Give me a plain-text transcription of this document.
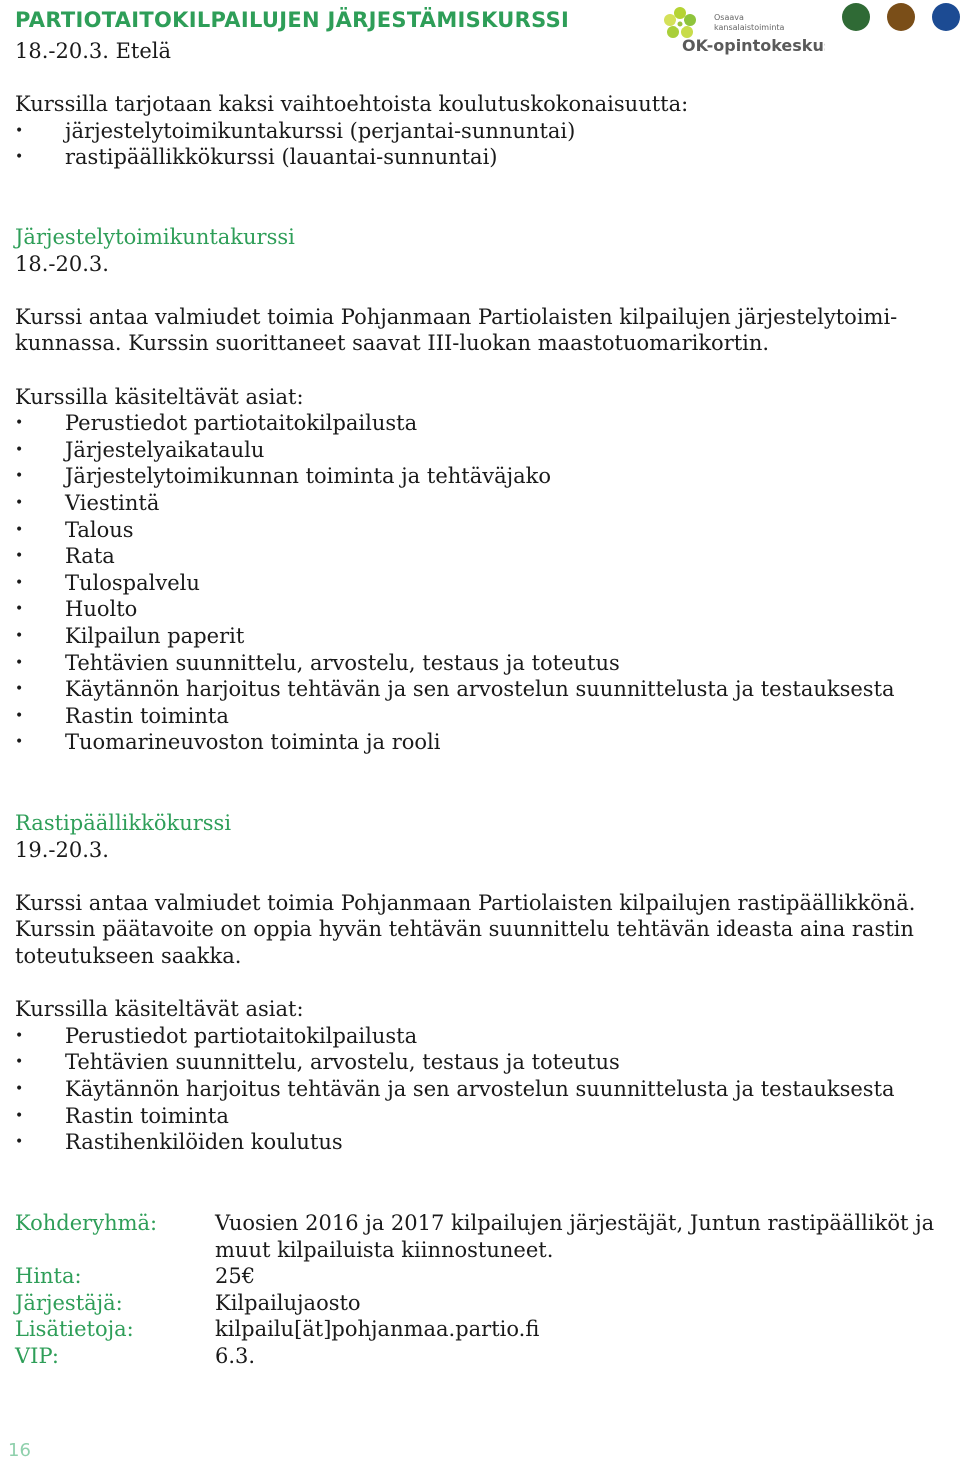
PARTIOTAITOKILPAILUJEN JÄRJESTÄMISKURSSI
18.-20.3. Etelä
Osaava
kansalaistoiminta
OK-opintokeskus

Kurssilla tarjotaan kaksi vaihtoehtoista koulutuskokonaisuutta:

• järjestelytoimikuntakurssi (perjantai-sunnuntai)
• rastipäällikkökurssi (lauantai-sunnuntai)

Järjestelytoimikuntakurssi

18.-20.3.

Kurssi antaa valmiudet toimia Pohjanmaan Partiolaisten kilpailujen järjestelytoimi-kunnassa. Kurssin suorittaneet saavat III-luokan maastotuomarikortin.

Kurssilla käsiteltävät asiat:

• Perustiedot partiotaitokilpailusta
• Järjestelyaikataulu
• Järjestelytoimikunnan toiminta ja tehtäväjako
• Viestintä
• Talous
• Rata
• Tulospalvelu
• Huolto
• Kilpailun paperit
• Tehtävien suunnittelu, arvostelu, testaus ja toteutus
• Käytännön harjoitus tehtävän ja sen arvostelun suunnittelusta ja testauksesta
• Rastin toiminta
• Tuomarineuvoston toiminta ja rooli

Rastipäällikkökurssi

19.-20.3.

Kurssi antaa valmiudet toimia Pohjanmaan Partiolaisten kilpailujen rastipäällikkönä. Kurssin päätavoite on oppia hyvän tehtävän suunnittelu tehtävän ideasta aina rastin toteutukseen saakka.

Kurssilla käsiteltävät asiat:

• Perustiedot partiotaitokilpailusta
• Tehtävien suunnittelu, arvostelu, testaus ja toteutus
• Käytännön harjoitus tehtävän ja sen arvostelun suunnittelusta ja testauksesta
• Rastin toiminta
• Rastihenkilöiden koulutus
Kohderyhmä:	Vuosien 2016 ja 2017 kilpailujen järjestäjät, Juntun rastipäälliköt ja muut kilpailuista kiinnostuneet.
Hinta:	25€
Järjestäjä:	Kilpailujaosto
Lisätietoja:	kilpailu[ät]pohjanmaa.partio.fi
VIP:	6.3.
16
